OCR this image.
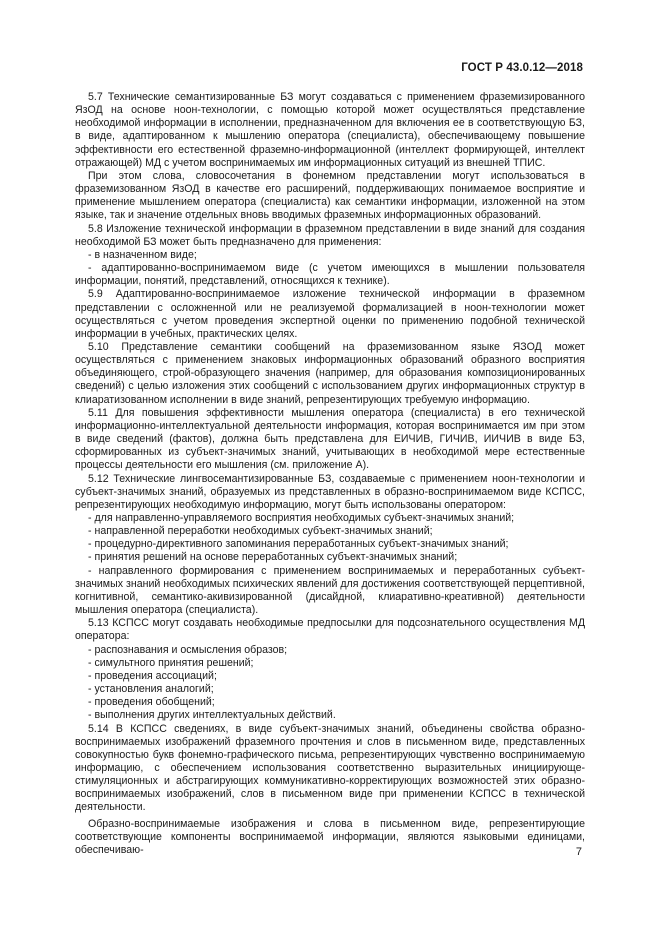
ГОСТ Р 43.0.12—2018

5.7 Технические семантизированные БЗ могут создаваться с применением фраземизированного ЯзОД на основе ноон-технологии, с помощью которой может осуществляться представление необходимой информации в исполнении, предназначенном для включения ее в соответствующую БЗ, в виде, адаптированном к мышлению оператора (специалиста), обеспечивающему повышение эффективности его естественной фраземно-информационной (интеллект формирующей, интеллект отражающей) МД с учетом воспринимаемых им информационных ситуаций из внешней ТПИС.

При этом слова, словосочетания в фонемном представлении могут использоваться в фраземизованном ЯзОД в качестве его расширений, поддерживающих понимаемое восприятие и применение мышлением оператора (специалиста) как семантики информации, изложенной на этом языке, так и значение отдельных вновь вводимых фраземных информационных образований.

5.8 Изложение технической информации в фраземном представлении в виде знаний для создания необходимой БЗ может быть предназначено для применения:

- в назначенном виде;

- адаптированно-воспринимаемом виде (с учетом имеющихся в мышлении пользователя информации, понятий, представлений, относящихся к технике).

5.9 Адаптированно-воспринимаемое изложение технической информации в фраземном представлении с осложненной или не реализуемой формализацией в ноон-технологии может осуществляться с учетом проведения экспертной оценки по применению подобной технической информации в учебных, практических целях.

5.10 Представление семантики сообщений на фраземизованном языке ЯЗОД может осуществляться с применением знаковых информационных образований образного восприятия объединяющего, строй-образующего значения (например, для образования композиционированных сведений) с целью изложения этих сообщений с использованием других информационных структур в клиаратизованном исполнении в виде знаний, репрезентирующих требуемую информацию.

5.11 Для повышения эффективности мышления оператора (специалиста) в его технической информационно-интеллектуальной деятельности информация, которая воспринимается им при этом в виде сведений (фактов), должна быть представлена для ЕИЧИВ, ГИЧИВ, ИИЧИВ в виде БЗ, сформированных из субъект-значимых знаний, учитывающих в необходимой мере естественные процессы деятельности его мышления (см. приложение А).

5.12 Технические лингвосемантизированные БЗ, создаваемые с применением ноон-технологии и субъект-значимых знаний, образуемых из представленных в образно-воспринимаемом виде КСПСС, репрезентирующих необходимую информацию, могут быть использованы оператором:

- для направленно-управляемого восприятия необходимых субъект-значимых знаний;

- направленной переработки необходимых субъект-значимых знаний;

- процедурно-директивного запоминания переработанных субъект-значимых знаний;

- принятия решений на основе переработанных субъект-значимых знаний;

- направленного формирования с применением воспринимаемых и переработанных субъект-значимых знаний необходимых психических явлений для достижения соответствующей перцептивной, когнитивной, семантико-акивизированной (дисайдной, клиаративно-креативной) деятельности мышления оператора (специалиста).

5.13 КСПСС могут создавать необходимые предпосылки для подсознательного осуществления МД оператора:

- распознавания и осмысления образов;

- симультного принятия решений;

- проведения ассоциаций;

- установления аналогий;

- проведения обобщений;

- выполнения других интеллектуальных действий.

5.14 В КСПСС сведениях, в виде субъект-значимых знаний, объединены свойства образно-воспринимаемых изображений фраземного прочтения и слов в письменном виде, представленных совокупностью букв фонемно-графического письма, репрезентирующих чувственно воспринимаемую информацию, с обеспечением использования соответственно выразительных инициирующе-стимуляционных и абстрагирующих коммуникативно-корректирующих возможностей этих образно-воспринимаемых изображений, слов в письменном виде при применении КСПСС в технической деятельности.

Образно-воспринимаемые изображения и слова в письменном виде, репрезентирующие соответствующие компоненты воспринимаемой информации, являются языковыми единицами, обеспечиваю-	7
